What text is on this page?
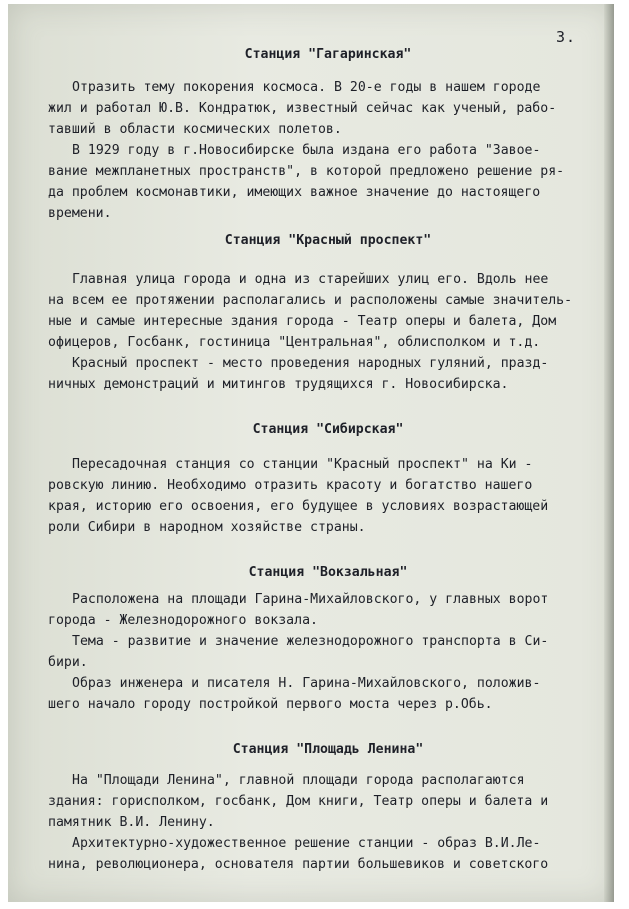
3.
Станция "Гагаринская"
Отразить тему покорения космоса. В 20-е годы в нашем городе
жил и работал Ю.В. Кондратюк, известный сейчас как ученый, рабо-
тавший в области космических полетов.
В 1929 году в г.Новосибирске была издана его работа "Завое-
вание межпланетных пространств", в которой предложено решение ря-
да проблем космонавтики, имеющих важное значение до настоящего
времени.
Станция "Красный проспект"
Главная улица города и одна из старейших улиц его. Вдоль нее
на всем ее протяжении располагались и расположены самые значитель-
ные и самые интересные здания города - Театр оперы и балета, Дом
офицеров, Госбанк, гостиница "Центральная", облисполком и т.д.
Красный проспект - место проведения народных гуляний, празд-
ничных демонстраций и митингов трудящихся г. Новосибирска.
Станция "Сибирская"
Пересадочная станция со станции "Красный проспект" на Ки -
ровскую линию. Необходимо отразить красоту и богатство нашего
края, историю его освоения, его будущее в условиях возрастающей
роли Сибири в народном хозяйстве страны.
Станция "Вокзальная"
Расположена на площади Гарина-Михайловского, у главных ворот
города - Железнодорожного вокзала.
Тема - развитие и значение железнодорожного транспорта в Си-
бири.
Образ инженера и писателя Н. Гарина-Михайловского, положив-
шего начало городу постройкой первого моста через р.Обь.
Станция "Площадь Ленина"
На "Площади Ленина", главной площади города располагаются
здания: горисполком, госбанк, Дом книги, Театр оперы и балета и
памятник В.И. Ленину.
Архитектурно-художественное решение станции - образ В.И.Ле-
нина, революционера, основателя партии большевиков и советского
